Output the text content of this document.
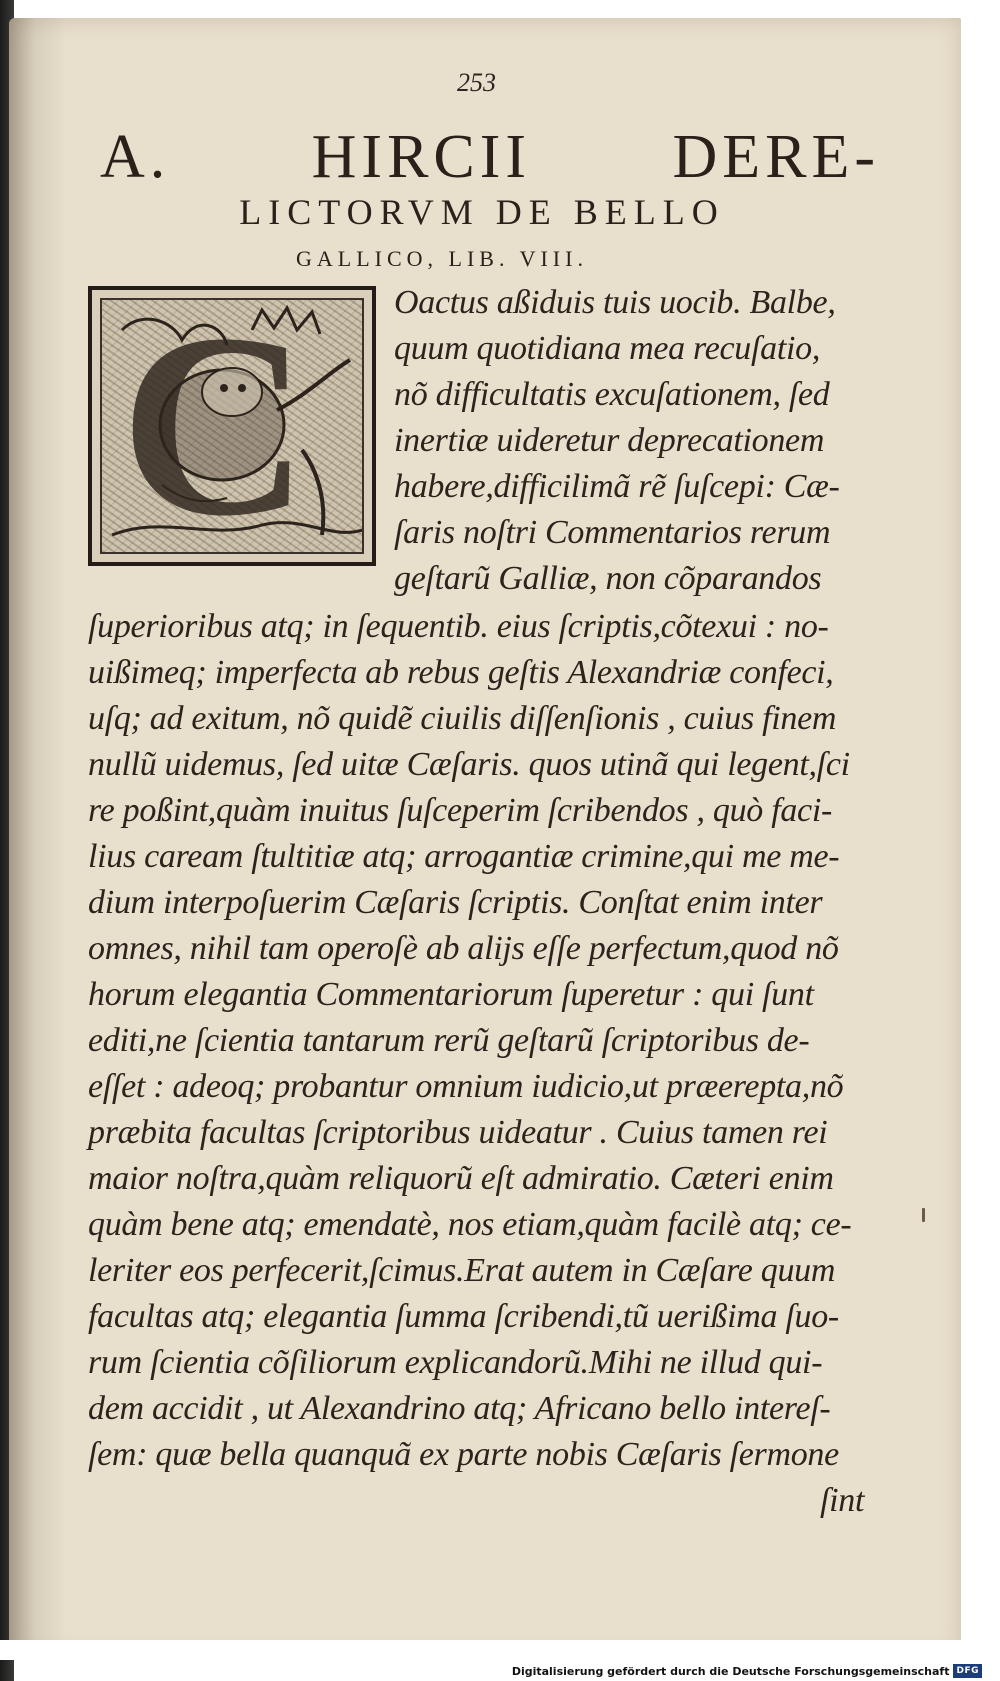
253
A. HIRCII DERE-
LICTORVM DE BELLO
GALLICO, LIB. VIII.
C Oactus aßiduis tuis uocib. Balbe,
quum quotidiana mea recuſatio,
nõ difficultatis excuſationem, ſed
inertiæ uideretur deprecationem
habere,difficilimã rẽ ſuſcepi: Cæ-
ſaris noſtri Commentarios rerum
geſtarũ Galliæ, non cõparandos
ſuperioribus atq; in ſequentib. eius ſcriptis,cõtexui : no-
uißimeq; imperfecta ab rebus geſtis Alexandriæ confeci,
uſq; ad exitum, nõ quidẽ ciuilis diſſenſionis , cuius finem
nullũ uidemus, ſed uitæ Cæſaris. quos utinã qui legent,ſci
re poßint,quàm inuitus ſuſceperim ſcribendos , quò faci-
lius caream ſtultitiæ atq; arrogantiæ crimine,qui me me-
dium interpoſuerim Cæſaris ſcriptis. Conſtat enim inter
omnes, nihil tam operoſè ab alijs eſſe perfectum,quod nõ
horum elegantia Commentariorum ſuperetur : qui ſunt
editi,ne ſcientia tantarum rerũ geſtarũ ſcriptoribus de-
eſſet : adeoq; probantur omnium iudicio,ut præerepta,nõ
præbita facultas ſcriptoribus uideatur . Cuius tamen rei
maior noſtra,quàm reliquorũ eſt admiratio. Cæteri enim
quàm bene atq; emendatè, nos etiam,quàm facilè atq; ce-
leriter eos perfecerit,ſcimus.Erat autem in Cæſare quum
facultas atq; elegantia ſumma ſcribendi,tũ uerißima ſuo-
rum ſcientia cõſiliorum explicandorũ.Mihi ne illud qui-
dem accidit , ut Alexandrino atq; Africano bello intereſ-
ſem: quæ bella quanquã ex parte nobis Cæſaris ſermone
ſint
Digitalisierung gefördert durch die Deutsche Forschungsgemeinschaft DFG
